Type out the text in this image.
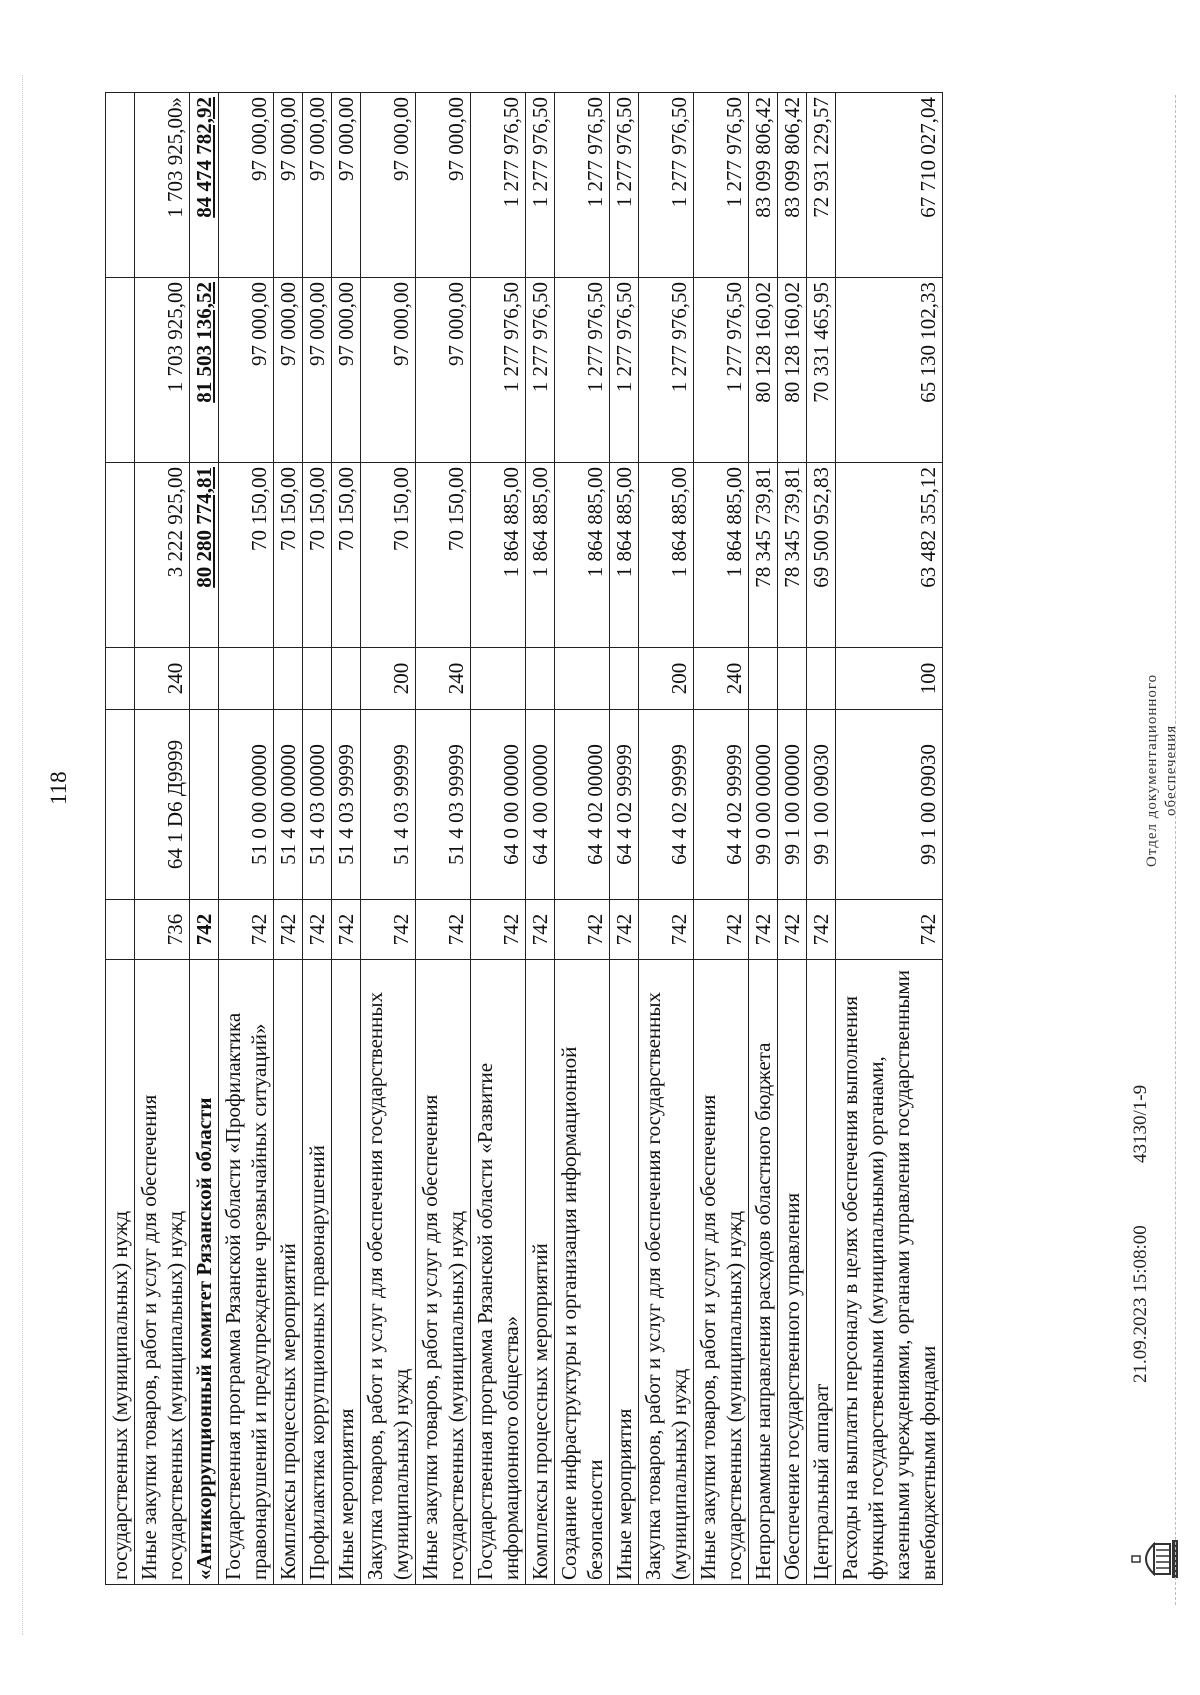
118
государственных (муниципальных) нужд						
Иные закупки товаров, работ и услуг для обеспечения государственных (муниципальных) нужд	736	64 1 D6 Д9999	240	3 222 925,00	1 703 925,00	1 703 925,00»
«Антикоррупционный комитет Рязанской области	742			80 280 774,81	81 503 136,52	84 474 782,92
Государственная программа Рязанской области «Профилактика правонарушений и предупреждение чрезвычайных ситуаций»	742	51 0 00 00000		70 150,00	97 000,00	97 000,00
Комплексы процессных мероприятий	742	51 4 00 00000		70 150,00	97 000,00	97 000,00
Профилактика коррупционных правонарушений	742	51 4 03 00000		70 150,00	97 000,00	97 000,00
Иные мероприятия	742	51 4 03 99999		70 150,00	97 000,00	97 000,00
Закупка товаров, работ и услуг для обеспечения государственных (муниципальных) нужд	742	51 4 03 99999	200	70 150,00	97 000,00	97 000,00
Иные закупки товаров, работ и услуг для обеспечения государственных (муниципальных) нужд	742	51 4 03 99999	240	70 150,00	97 000,00	97 000,00
Государственная программа Рязанской области «Развитие информационного общества»	742	64 0 00 00000		1 864 885,00	1 277 976,50	1 277 976,50
Комплексы процессных мероприятий	742	64 4 00 00000		1 864 885,00	1 277 976,50	1 277 976,50
Создание инфраструктуры и организация информационной безопасности	742	64 4 02 00000		1 864 885,00	1 277 976,50	1 277 976,50
Иные мероприятия	742	64 4 02 99999		1 864 885,00	1 277 976,50	1 277 976,50
Закупка товаров, работ и услуг для обеспечения государственных (муниципальных) нужд	742	64 4 02 99999	200	1 864 885,00	1 277 976,50	1 277 976,50
Иные закупки товаров, работ и услуг для обеспечения государственных (муниципальных) нужд	742	64 4 02 99999	240	1 864 885,00	1 277 976,50	1 277 976,50
Непрограммные направления расходов областного бюджета	742	99 0 00 00000		78 345 739,81	80 128 160,02	83 099 806,42
Обеспечение государственного управления	742	99 1 00 00000		78 345 739,81	80 128 160,02	83 099 806,42
Центральный аппарат	742	99 1 00 09030		69 500 952,83	70 331 465,95	72 931 229,57
Расходы на выплаты персоналу в целях обеспечения выполнения функций государственными (муниципальными) органами, казенными учреждениями, органами управления государственными внебюджетными фондами	742	99 1 00 09030	100	63 482 355,12	65 130 102,33	67 710 027,04
21.09.2023 15:08:00
43130/1-9
Отдел документационного обеспечения
